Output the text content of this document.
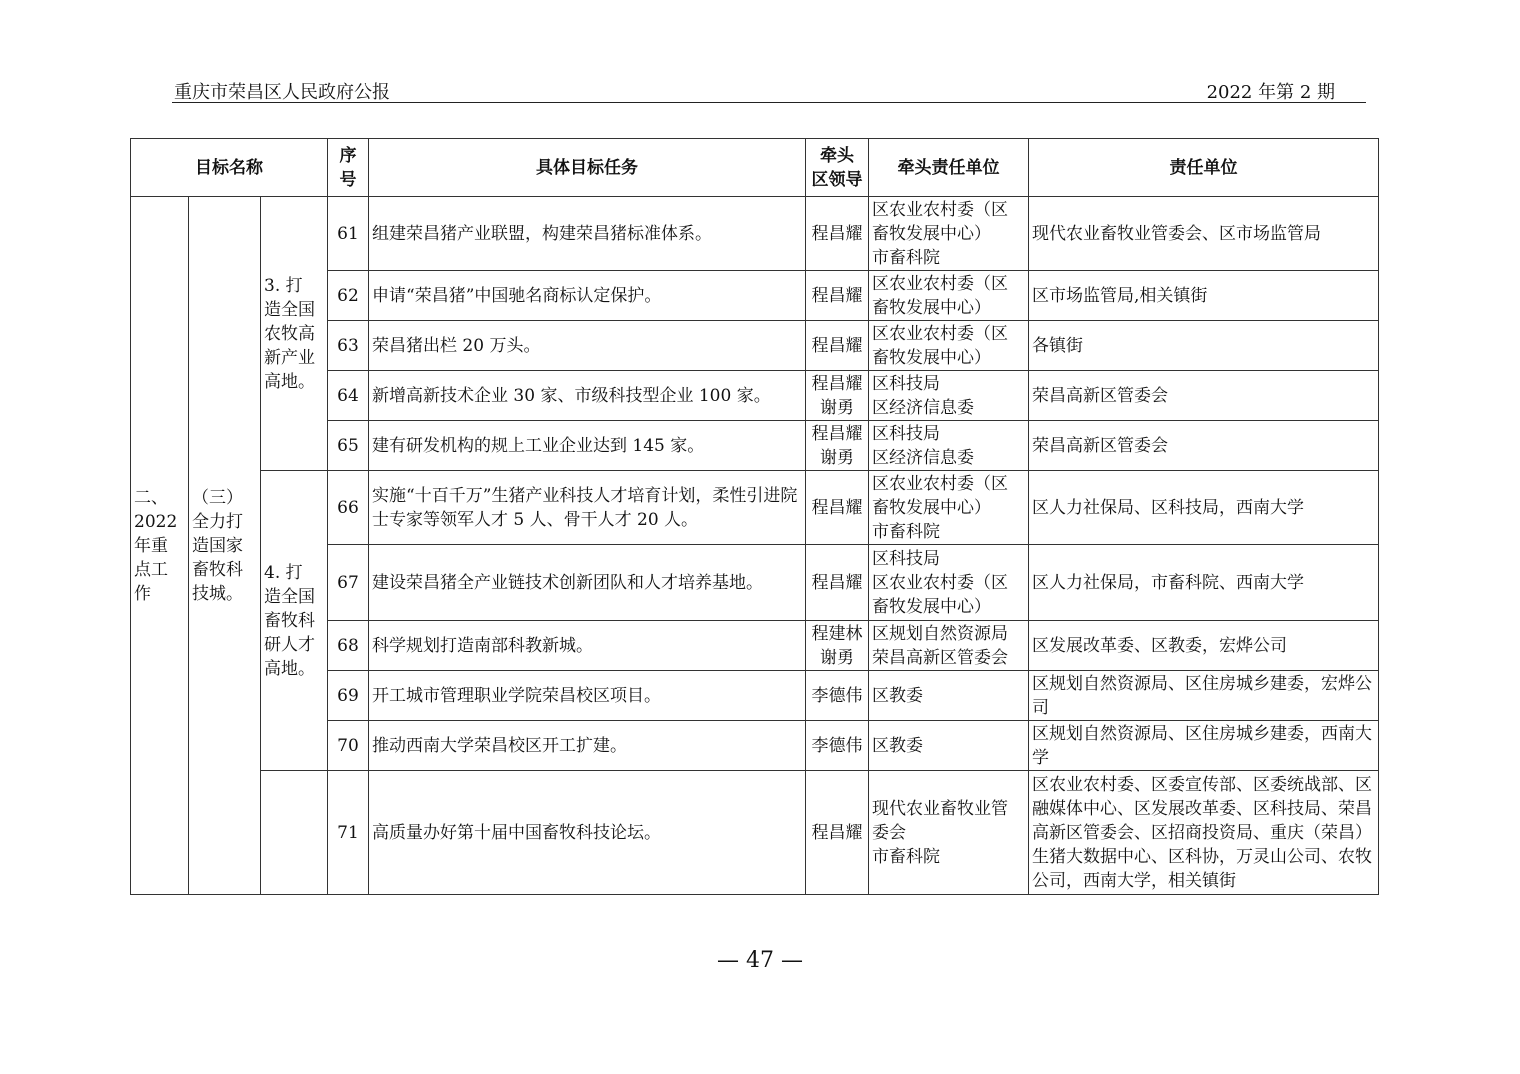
重庆市荣昌区人民政府公报	2022 年第 2 期
目标名称			序
号	具体目标任务	牵头
区领导	牵头责任单位	责任单位
二、
2022
年重
点工
作	（三）
全力打
造国家
畜牧科
技城。	3. 打
造全国
农牧高
新产业
高地。	61	组建荣昌猪产业联盟，构建荣昌猪标准体系。	程昌耀	区农业农村委（区
畜牧发展中心）
市畜科院	现代农业畜牧业管委会、区市场监管局
			62	申请“荣昌猪”中国驰名商标认定保护。	程昌耀	区农业农村委（区
畜牧发展中心）	区市场监管局,相关镇街
			63	荣昌猪出栏 20 万头。	程昌耀	区农业农村委（区
畜牧发展中心）	各镇街
			64	新增高新技术企业 30 家、市级科技型企业 100 家。	程昌耀
谢勇	区科技局
区经济信息委	荣昌高新区管委会
			65	建有研发机构的规上工业企业达到 145 家。	程昌耀
谢勇	区科技局
区经济信息委	荣昌高新区管委会
		4. 打
造全国
畜牧科
研人才
高地。	66	实施“十百千万”生猪产业科技人才培育计划，柔性引进院士专家等领军人才 5 人、骨干人才 20 人。	程昌耀	区农业农村委（区
畜牧发展中心）
市畜科院	区人力社保局、区科技局，西南大学
			67	建设荣昌猪全产业链技术创新团队和人才培养基地。	程昌耀	区科技局
区农业农村委（区
畜牧发展中心）	区人力社保局，市畜科院、西南大学
			68	科学规划打造南部科教新城。	程建林
谢勇	区规划自然资源局
荣昌高新区管委会	区发展改革委、区教委，宏烨公司
			69	开工城市管理职业学院荣昌校区项目。	李德伟	区教委	区规划自然资源局、区住房城乡建委，宏烨公司
			70	推动西南大学荣昌校区开工扩建。	李德伟	区教委	区规划自然资源局、区住房城乡建委，西南大学
			71	高质量办好第十届中国畜牧科技论坛。	程昌耀	现代农业畜牧业管
委会
市畜科院	区农业农村委、区委宣传部、区委统战部、区融媒体中心、区发展改革委、区科技局、荣昌高新区管委会、区招商投资局、重庆（荣昌）生猪大数据中心、区科协，万灵山公司、农牧公司，西南大学，相关镇街
— 47 —
